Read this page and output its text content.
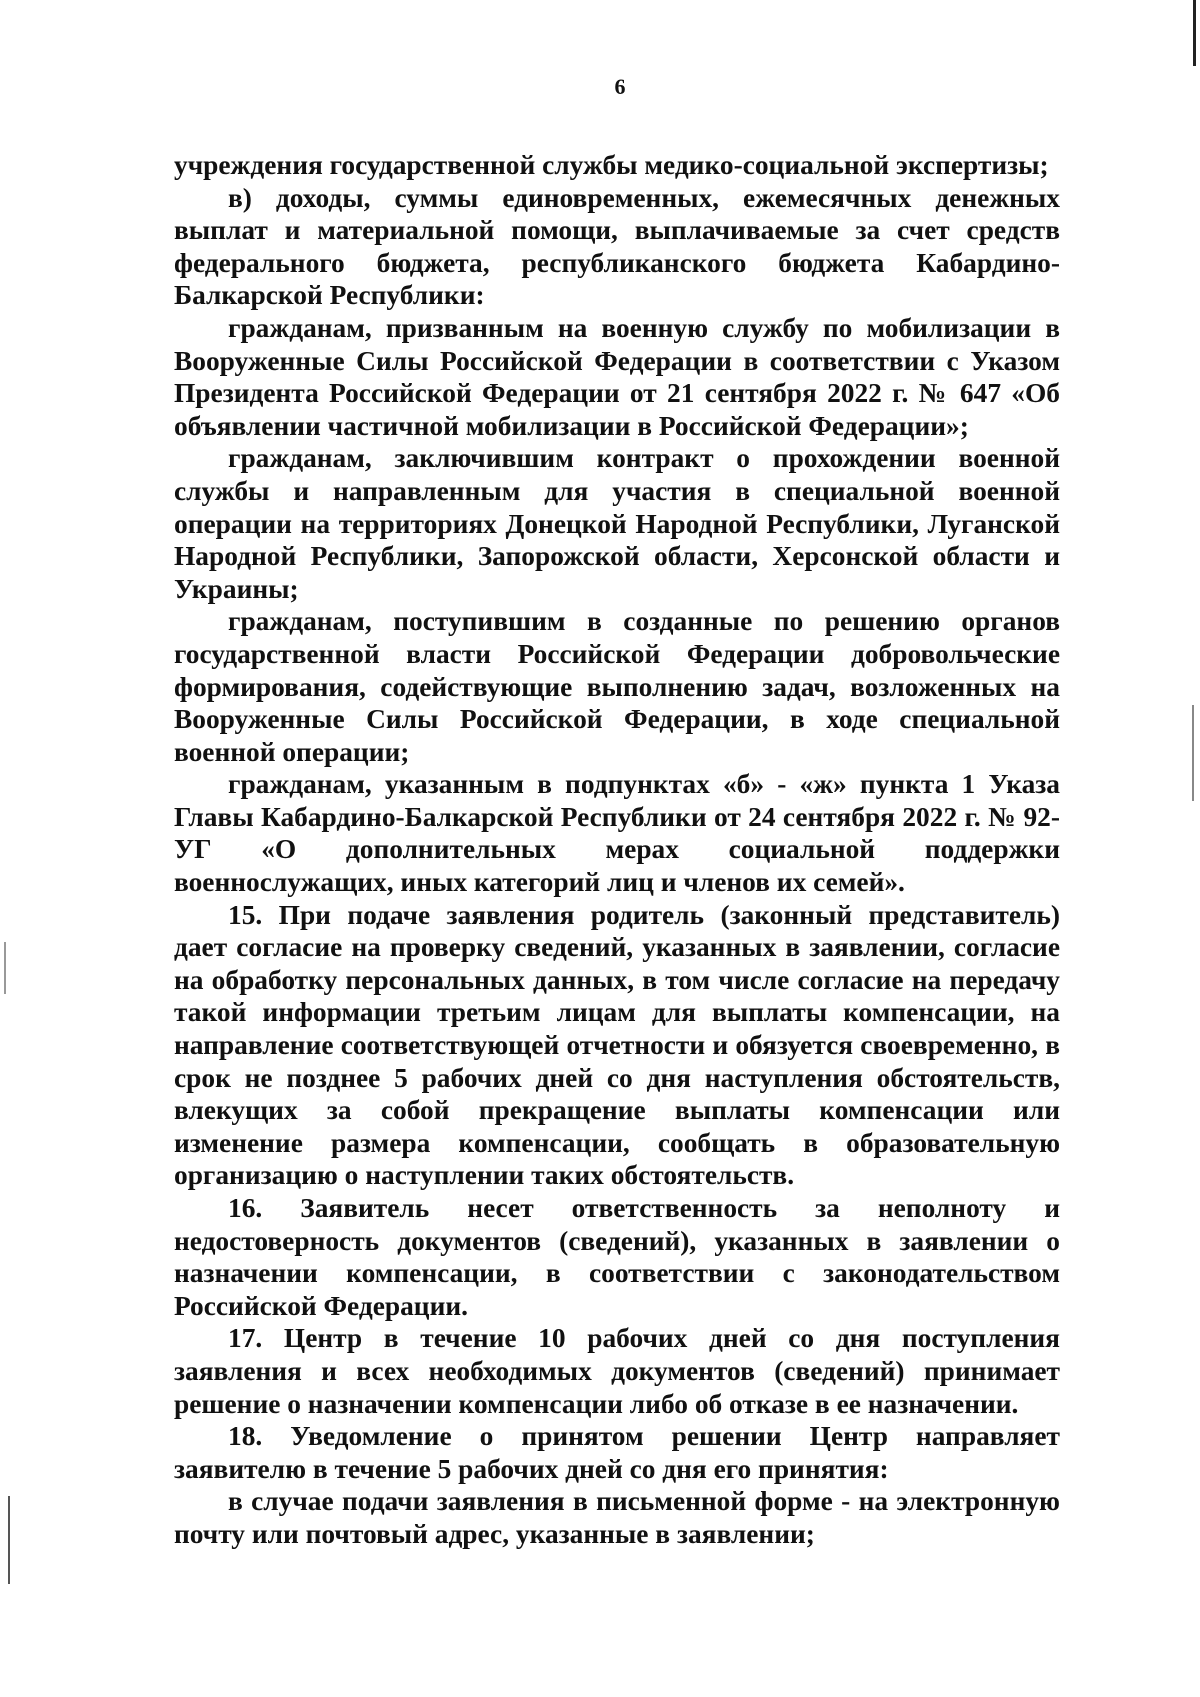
6

учреждения государственной службы медико-социальной экспертизы;

в) доходы, суммы единовременных, ежемесячных денежных выплат и материальной помощи, выплачиваемые за счет средств федерального бюджета, республиканского бюджета Кабардино-Балкарской Республики:

гражданам, призванным на военную службу по мобилизации в Вооруженные Силы Российской Федерации в соответствии с Указом Президента Российской Федерации от 21 сентября 2022 г. № 647 «Об объявлении частичной мобилизации в Российской Федерации»;

гражданам, заключившим контракт о прохождении военной службы и направленным для участия в специальной военной операции на территориях Донецкой Народной Республики, Луганской Народной Республики, Запорожской области, Херсонской области и Украины;

гражданам, поступившим в созданные по решению органов государственной власти Российской Федерации добровольческие формирования, содействующие выполнению задач, возложенных на Вооруженные Силы Российской Федерации, в ходе специальной военной операции;

гражданам, указанным в подпунктах «б» - «ж» пункта 1 Указа Главы Кабардино-Балкарской Республики от 24 сентября 2022 г. № 92-УГ «О дополнительных мерах социальной поддержки военнослужащих, иных категорий лиц и членов их семей».

15. При подаче заявления родитель (законный представитель) дает согласие на проверку сведений, указанных в заявлении, согласие на обработку персональных данных, в том числе согласие на передачу такой информации третьим лицам для выплаты компенсации, на направление соответствующей отчетности и обязуется своевременно, в срок не позднее 5 рабочих дней со дня наступления обстоятельств, влекущих за собой прекращение выплаты компенсации или изменение размера компенсации, сообщать в образовательную организацию о наступлении таких обстоятельств.

16. Заявитель несет ответственность за неполноту и недостоверность документов (сведений), указанных в заявлении о назначении компенсации, в соответствии с законодательством Российской Федерации.

17. Центр в течение 10 рабочих дней со дня поступления заявления и всех необходимых документов (сведений) принимает решение о назначении компенсации либо об отказе в ее назначении.

18. Уведомление о принятом решении Центр направляет заявителю в течение 5 рабочих дней со дня его принятия:

в случае подачи заявления в письменной форме - на электронную почту или почтовый адрес, указанные в заявлении;
